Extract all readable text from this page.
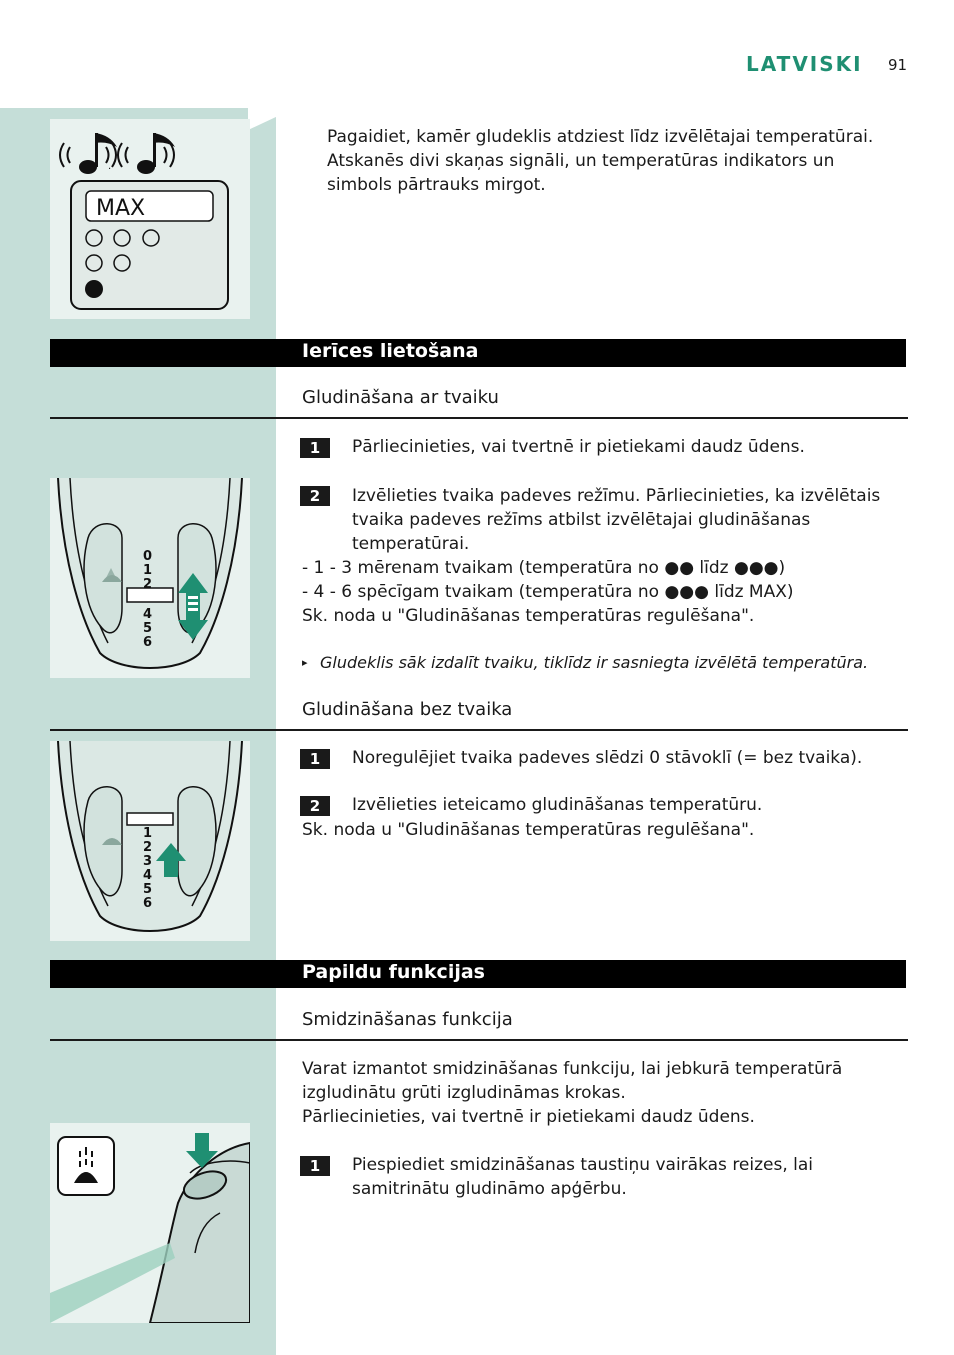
LATVISKI 91
.
MAX
Pagaidiet, kamēr gludeklis atdziest līdz izvēlētajai temperatūrai.
Atskanēs divi skaņas signāli, un temperatūras indikators un
simbols pārtrauks mirgot.
Ierīces lietošana
Gludināšana ar tvaiku
1	Pārliecinieties, vai tvertnē ir pietiekami daudz ūdens.
0
1
2
4
5
6
2	Izvēlieties tvaika padeves režīmu. Pārliecinieties, ka izvēlētais
tvaika padeves režīms atbilst izvēlētajai gludināšanas
temperatūrai.
- 1 - 3 mērenam tvaikam (temperatūra no ●● līdz ●●●)
- 4 - 6 spēcīgam tvaikam (temperatūra no ●●● līdz MAX)
Sk. noda u "Gludināšanas temperatūras regulēšana".
▸ Gludeklis sāk izdalīt tvaiku, tiklīdz ir sasniegta izvēlētā temperatūra.
Gludināšana bez tvaika
1
2
3
4
5
6
1	Noregulējiet tvaika padeves slēdzi 0 stāvoklī (= bez tvaika).
2	Izvēlieties ieteicamo gludināšanas temperatūru.
Sk. noda u "Gludināšanas temperatūras regulēšana".
Papildu funkcijas
Smidzināšanas funkcija
Varat izmantot smidzināšanas funkciju, lai jebkurā temperatūrā
izgludinātu grūti izgludināmas krokas.
Pārliecinieties, vai tvertnē ir pietiekami daudz ūdens.
1	Piespiediet smidzināšanas taustiņu vairākas reizes, lai
samitrinātu gludināmo apģērbu.
